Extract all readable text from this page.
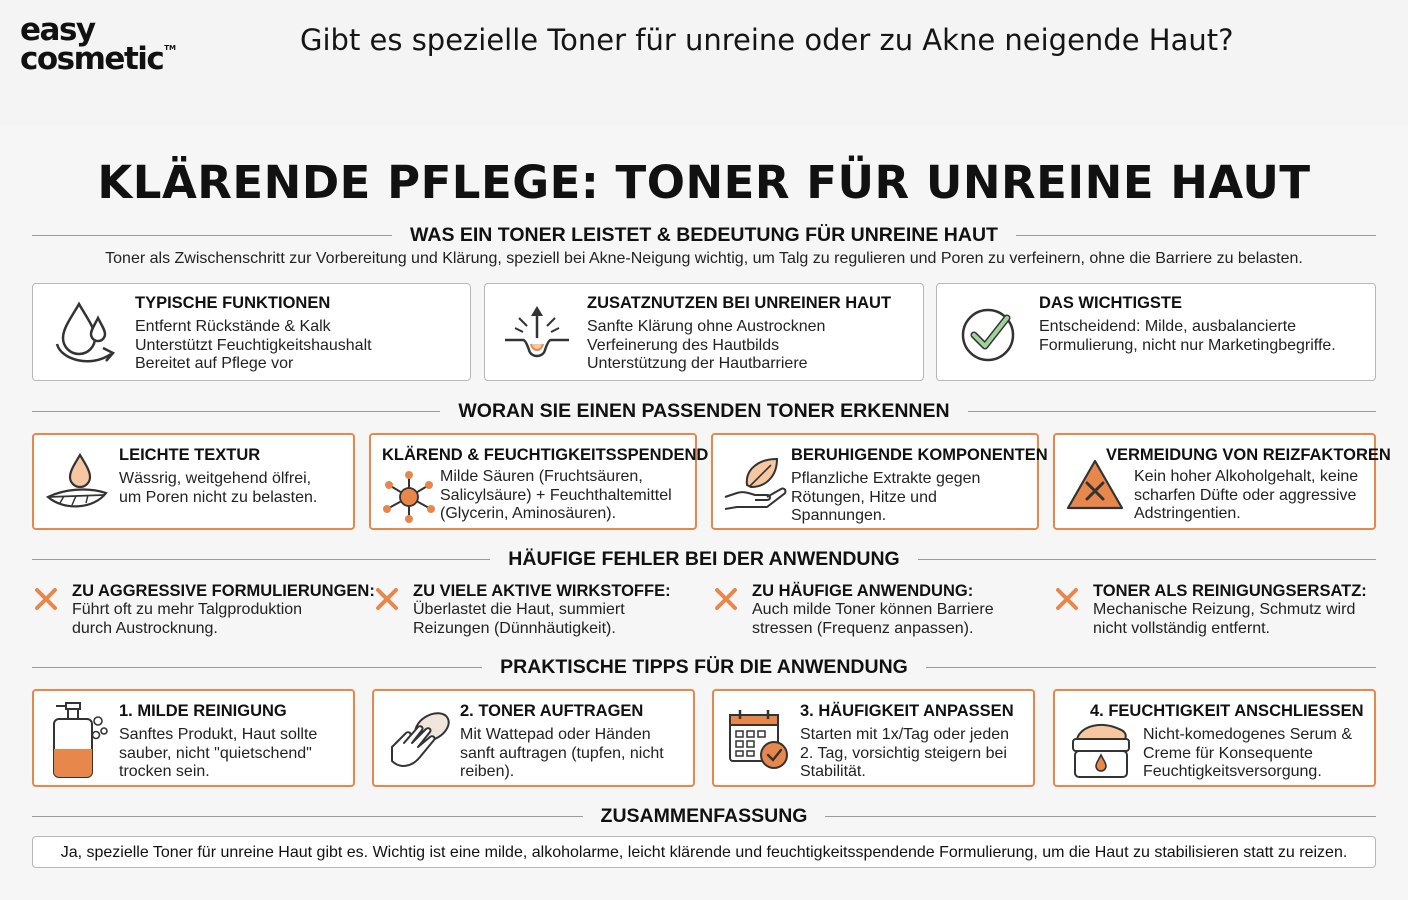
easy
cosmetic™	Gibt es spezielle Toner für unreine oder zu Akne neigende Haut?
KLÄRENDE PFLEGE: TONER FÜR UNREINE HAUT
WAS EIN TONER LEISTET & BEDEUTUNG FÜR UNREINE HAUT
Toner als Zwischenschritt zur Vorbereitung und Klärung, speziell bei Akne-Neigung wichtig, um Talg zu regulieren und Poren zu verfeinern, ohne die Barriere zu belasten.
TYPISCHE FUNKTIONEN
Entfernt Rückstände & Kalk
Unterstützt Feuchtigkeitshaushalt
Bereitet auf Pflege vor
ZUSATZNUTZEN BEI UNREINER HAUT
Sanfte Klärung ohne Austrocknen
Verfeinerung des Hautbilds
Unterstützung der Hautbarriere
DAS WICHTIGSTE
Entscheidend: Milde, ausbalancierte
Formulierung, nicht nur Marketingbegriffe.
WORAN SIE EINEN PASSENDEN TONER ERKENNEN
LEICHTE TEXTUR
Wässrig, weitgehend ölfrei,
um Poren nicht zu belasten.
KLÄREND & FEUCHTIGKEITSSPENDEND
Milde Säuren (Fruchtsäuren,
Salicylsäure) + Feuchthaltemittel
(Glycerin, Aminosäuren).
BERUHIGENDE KOMPONENTEN
Pflanzliche Extrakte gegen
Rötungen, Hitze und Spannungen.
VERMEIDUNG VON REIZFAKTOREN
Kein hoher Alkoholgehalt, keine
scharfen Düfte oder aggressive
Adstringentien.
HÄUFIGE FEHLER BEI DER ANWENDUNG
ZU AGGRESSIVE FORMULIERUNGEN:
Führt oft zu mehr Talgproduktion
durch Austrocknung.
ZU VIELE AKTIVE WIRKSTOFFE:
Überlastet die Haut, summiert
Reizungen (Dünnhäutigkeit).
ZU HÄUFIGE ANWENDUNG:
Auch milde Toner können Barriere
stressen (Frequenz anpassen).
TONER ALS REINIGUNGSERSATZ:
Mechanische Reizung, Schmutz wird
nicht vollständig entfernt.
PRAKTISCHE TIPPS FÜR DIE ANWENDUNG
1. MILDE REINIGUNG
Sanftes Produkt, Haut sollte
sauber, nicht "quietschend"
trocken sein.
2. TONER AUFTRAGEN
Mit Wattepad oder Händen
sanft auftragen (tupfen, nicht
reiben).
3. HÄUFIGKEIT ANPASSEN
Starten mit 1x/Tag oder jeden
2. Tag, vorsichtig steigern bei
Stabilität.
4. FEUCHTIGKEIT ANSCHLIESSEN
Nicht-komedogenes Serum &
Creme für Konsequente
Feuchtigkeitsversorgung.
ZUSAMMENFASSUNG
Ja, spezielle Toner für unreine Haut gibt es. Wichtig ist eine milde, alkoholarme, leicht klärende und feuchtigkeitsspendende Formulierung, um die Haut zu stabilisieren statt zu reizen.
